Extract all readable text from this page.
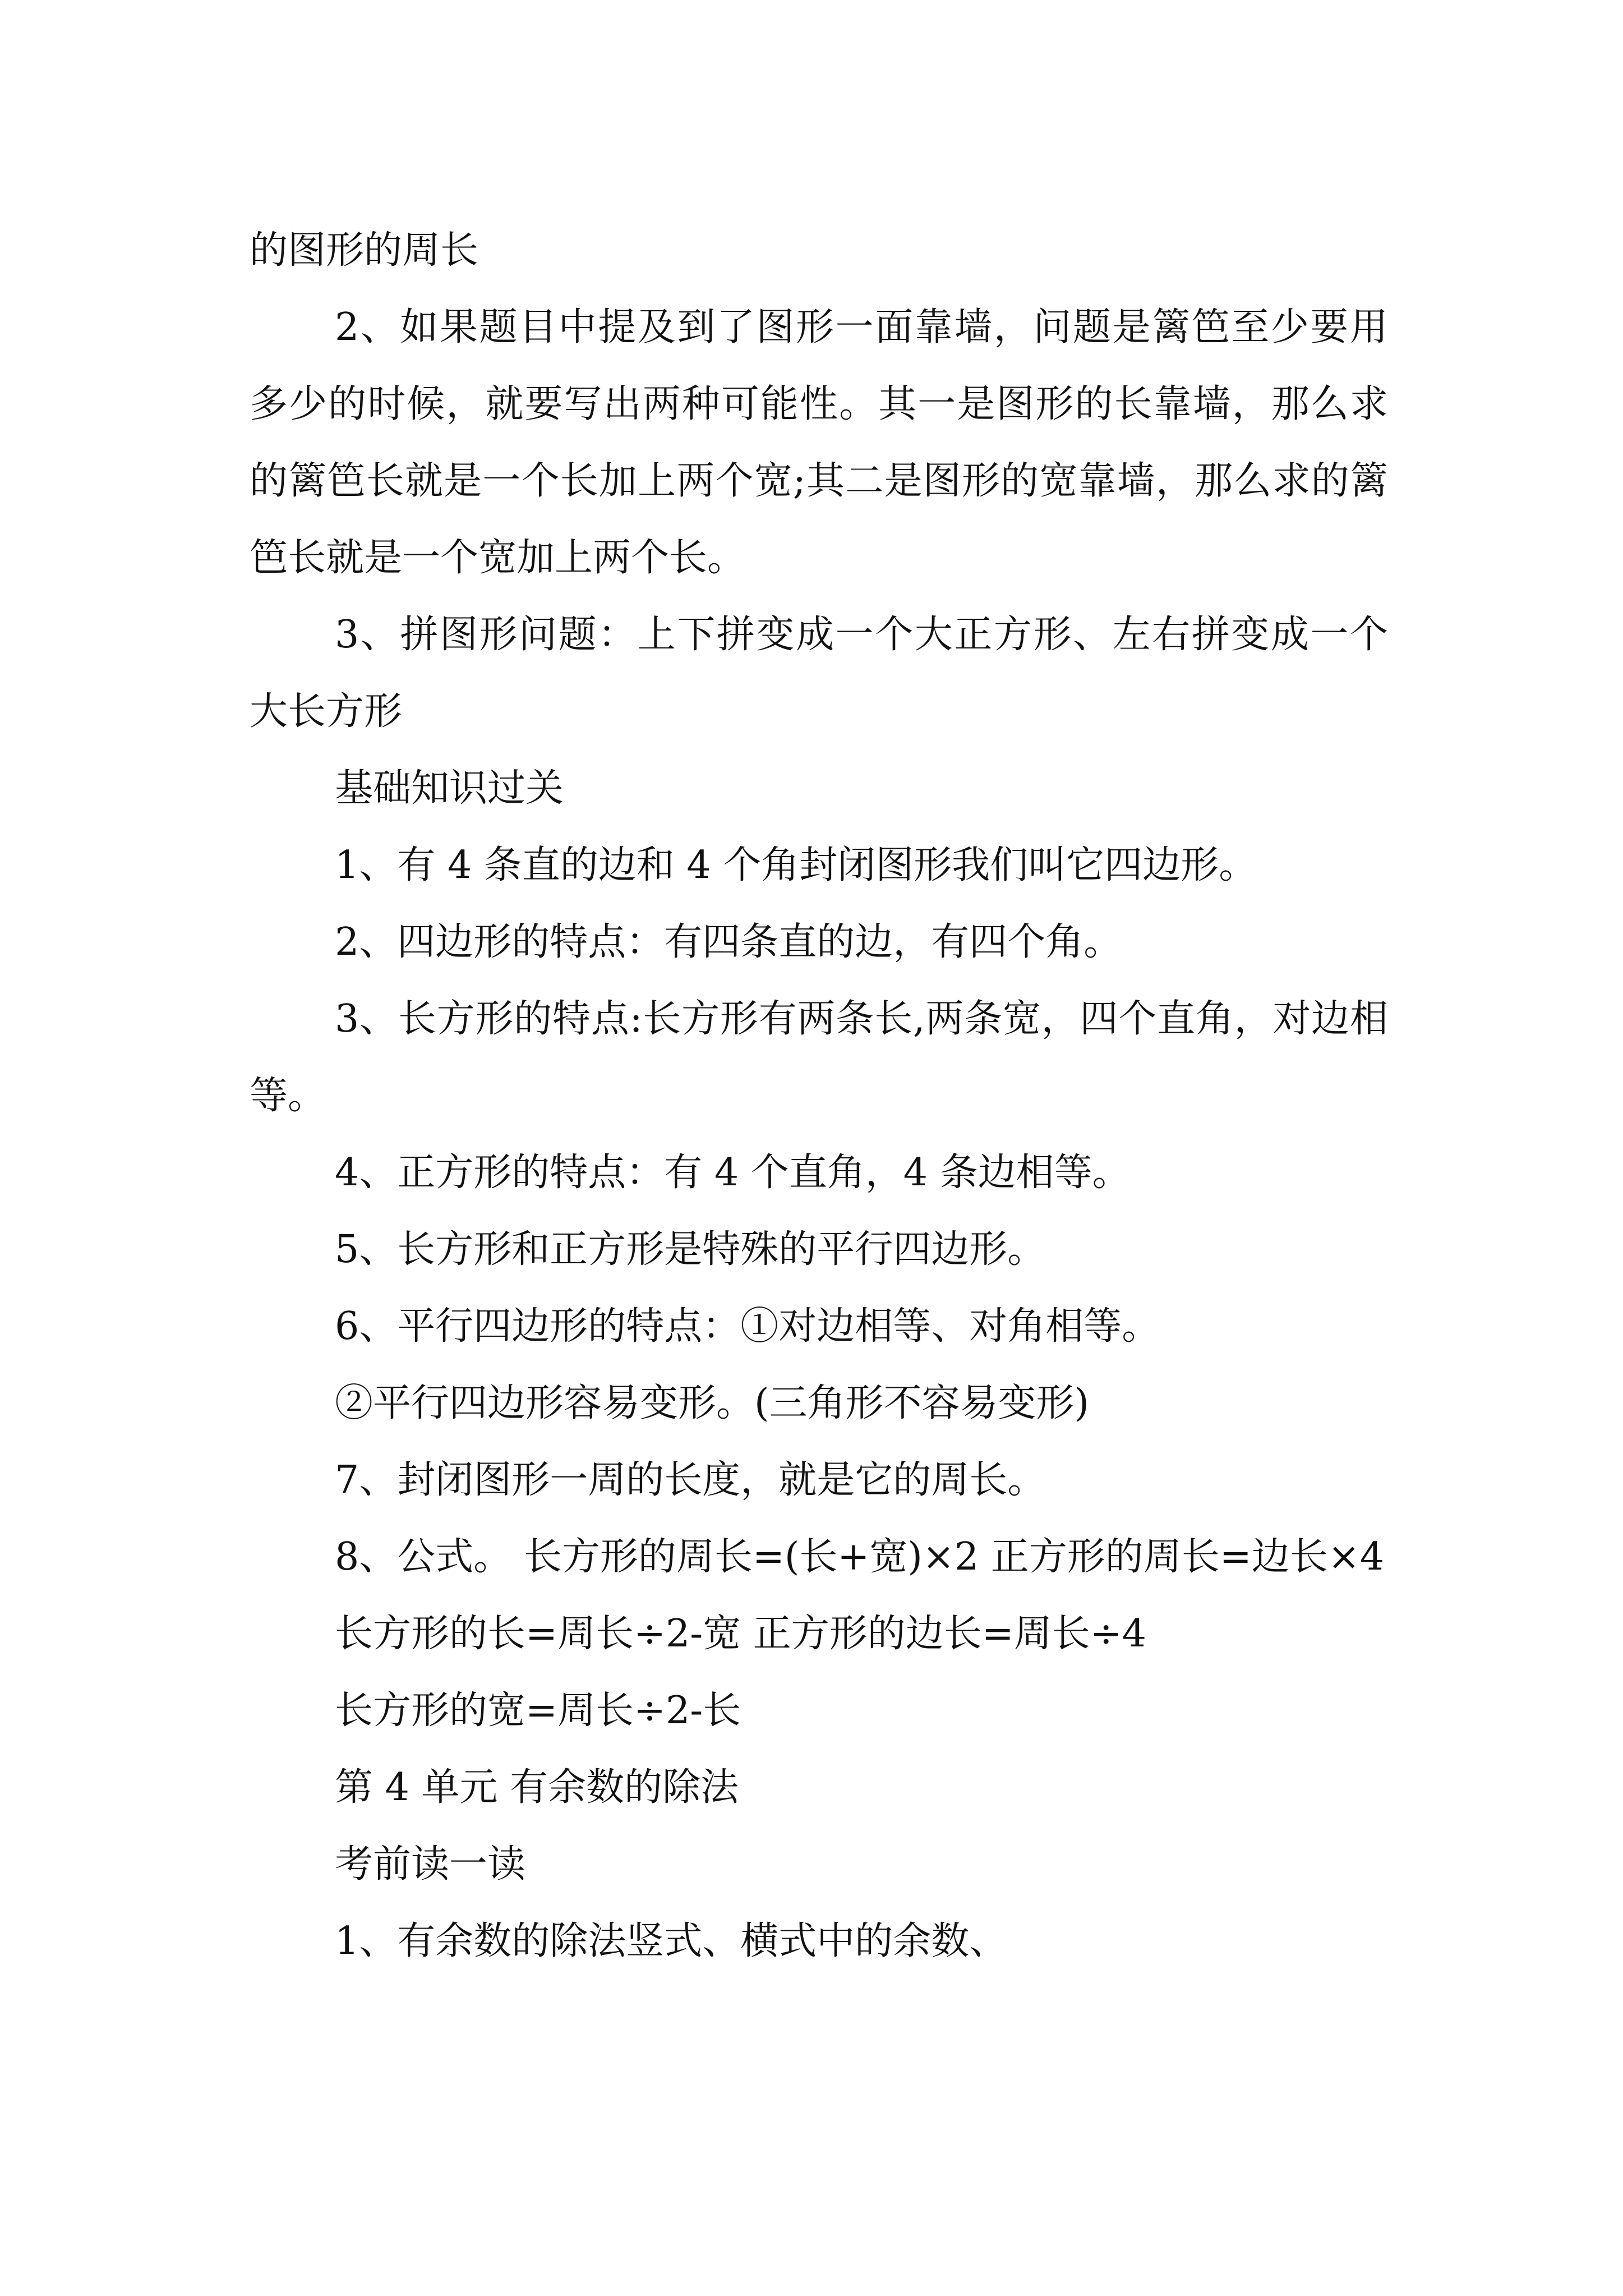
的图形的周长

2、如果题目中提及到了图形一面靠墙，问题是篱笆至少要用多少的时候，就要写出两种可能性。其一是图形的长靠墙，那么求的篱笆长就是一个长加上两个宽;其二是图形的宽靠墙，那么求的篱笆长就是一个宽加上两个长。

3、拼图形问题：上下拼变成一个大正方形、左右拼变成一个大长方形

基础知识过关

1、有 4 条直的边和 4 个角封闭图形我们叫它四边形。

2、四边形的特点：有四条直的边，有四个角。

3、长方形的特点:长方形有两条长,两条宽，四个直角，对边相等。

4、正方形的特点：有 4 个直角，4 条边相等。

5、长方形和正方形是特殊的平行四边形。

6、平行四边形的特点：①对边相等、对角相等。

②平行四边形容易变形。(三角形不容易变形)

7、封闭图形一周的长度，就是它的周长。

8、公式。 长方形的周长=(长+宽)×2 正方形的周长=边长×4

长方形的长=周长÷2-宽 正方形的边长=周长÷4

长方形的宽=周长÷2-长

第 4 单元 有余数的除法

考前读一读

1、有余数的除法竖式、横式中的余数、
